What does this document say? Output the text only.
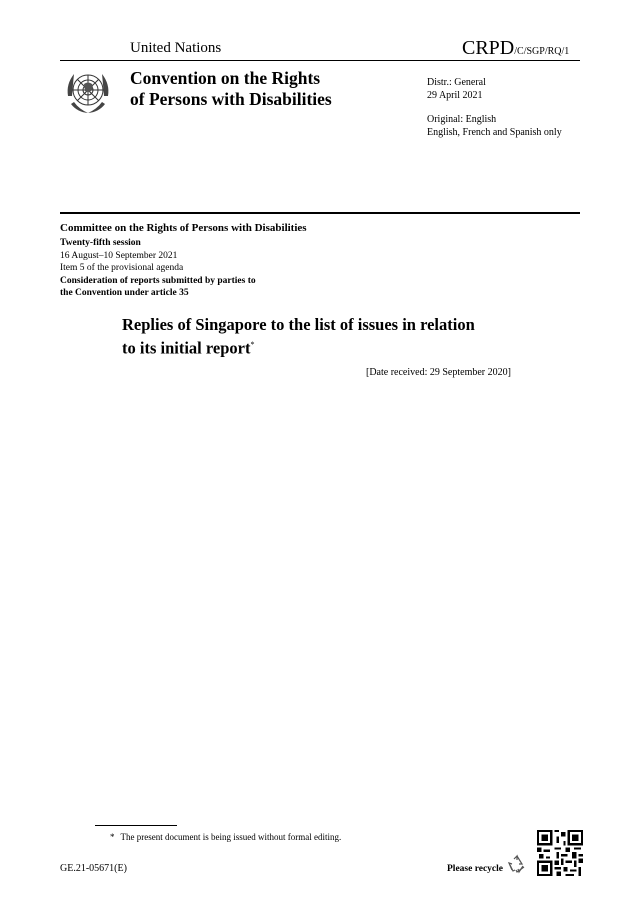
United Nations	CRPD/C/SGP/RQ/1
Convention on the Rights
of Persons with Disabilities
Distr.: General
29 April 2021
Original: English
English, French and Spanish only
Committee on the Rights of Persons with Disabilities
Twenty-fifth session
16 August–10 September 2021
Item 5 of the provisional agenda
Consideration of reports submitted by parties to
the Convention under article 35
Replies of Singapore to the list of issues in relation
to its initial report*
[Date received: 29 September 2020]
* The present document is being issued without formal editing.
GE.21-05671(E)	Please recycle
